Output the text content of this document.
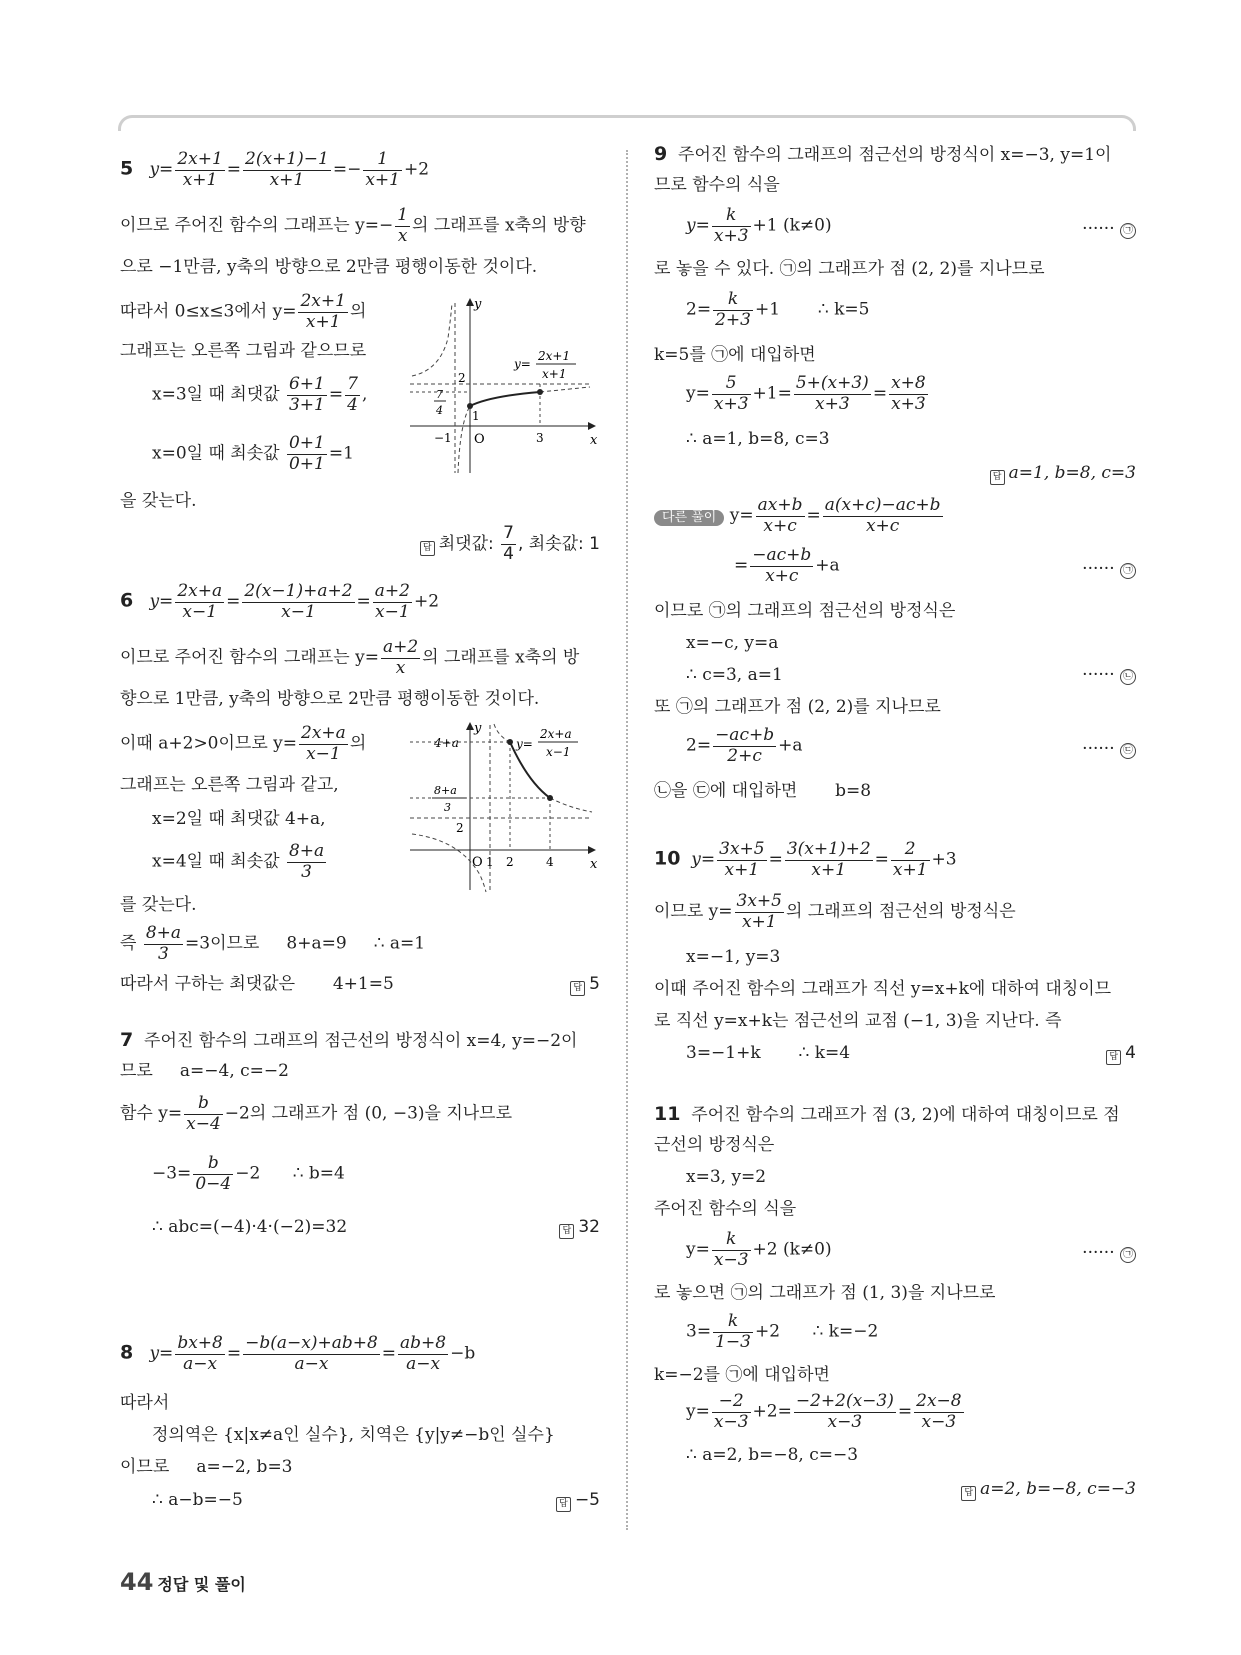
5 $y= \frac{2x+1}{x+1} = \frac{2(x+1)-1}{x+1} =- \frac{1}{x+1} +2$
이므로 주어진 함수의 그래프는 $y=- \frac{1}{x}$ 의 그래프를 x축의 방향
으로 −1만큼, y축의 방향으로 2만큼 평행이동한 것이다.
따라서 0≤x≤3에서 $y= \frac{2x+1}{x+1}$ 의
그래프는 오른쪽 그림과 같으므로
x=3일 때 최댓값 $\frac{6+1}{3+1} = \frac{7}{4}$ ,
x=0일 때 최솟값 $\frac{0+1}{0+1} =1$
을 갖는다.
답 최댓값: $\frac{7}{4}$ , 최솟값: 1
y
x
O
−1
1
2
3
7
4
y=
2x+1
x+1
6 $y= \frac{2x+a}{x-1} = \frac{2(x-1)+a+2}{x-1} = \frac{a+2}{x-1} +2$
이므로 주어진 함수의 그래프는 $y= \frac{a+2}{x}$ 의 그래프를 x축의 방
향으로 1만큼, y축의 방향으로 2만큼 평행이동한 것이다.
이때 a+2>0이므로 $y= \frac{2x+a}{x-1}$ 의
그래프는 오른쪽 그림과 같고,
x=2일 때 최댓값 4+a,
x=4일 때 최솟값 $\frac{8+a}{3}$
를 갖는다.
즉 $\frac{8+a}{3} =3$이므로     8+a=9 ∴ a=1
따라서 구하는 최댓값은 4+1=5	답 5
y
x
O 1 2	4
4+a
2
8+a
3
y=
2x+a
x−1
7 주어진 함수의 그래프의 점근선의 방정식이 x=4, y=−2이
므로 a=−4, c=−2
함수 $y= \frac{b}{x-4} -2$의 그래프가 점 (0, −3)을 지나므로
$-3= \frac{b}{0-4} -2$ ∴ b=4
∴ abc=(−4)·4·(−2)=32	답 32
8 $y= \frac{bx+8}{a-x} = \frac{-b(a-x)+ab+8}{a-x} = \frac{ab+8}{a-x} -b$
따라서
정의역은 {x|x≠a인 실수}, 치역은 {y|y≠−b인 실수}
이므로 a=−2, b=3
∴ a−b=−5	답 −5
9 주어진 함수의 그래프의 점근선의 방정식이 x=−3, y=1이
므로 함수의 식을
$y= \frac{k}{x+3} +1$ (k≠0)	······ ㉠
로 놓을 수 있다. ㉠의 그래프가 점 (2, 2)를 지나므로
$2= \frac{k}{2+3} +1$ ∴ k=5
k=5를 ㉠에 대입하면
$y= \frac{5}{x+3} +1= \frac{5+(x+3)}{x+3} = \frac{x+8}{x+3}$
∴ a=1, b=8, c=3
답 a=1, b=8, c=3
다른 풀이 $y= \frac{ax+b}{x+c} = \frac{a(x+c)-ac+b}{x+c}$
= $\frac{-ac+b}{x+c} +a$	······ ㉠
이므로 ㉠의 그래프의 점근선의 방정식은
x=−c, y=a
∴ c=3, a=1	······ ㉡
또 ㉠의 그래프가 점 (2, 2)를 지나므로
$2= \frac{-ac+b}{2+c} +a$	······ ㉢
㉡을 ㉢에 대입하면 b=8
10 $y= \frac{3x+5}{x+1} = \frac{3(x+1)+2}{x+1} = \frac{2}{x+1} +3$
이므로 $y= \frac{3x+5}{x+1}$ 의 그래프의 점근선의 방정식은
x=−1, y=3
이때 주어진 함수의 그래프가 직선 y=x+k에 대하여 대칭이므
로 직선 y=x+k는 점근선의 교점 (−1, 3)을 지난다. 즉
3=−1+k ∴ k=4	답 4
11 주어진 함수의 그래프가 점 (3, 2)에 대하여 대칭이므로 점
근선의 방정식은
x=3, y=2
주어진 함수의 식을
$y= \frac{k}{x-3} +2$ (k≠0)	······ ㉠
로 놓으면 ㉠의 그래프가 점 (1, 3)을 지나므로
$3= \frac{k}{1-3} +2$ ∴ k=−2
k=−2를 ㉠에 대입하면
$y= \frac{-2}{x-3} +2= \frac{-2+2(x-3)}{x-3} = \frac{2x-8}{x-3}$
∴ a=2, b=−8, c=−3
답 a=2, b=−8, c=−3
44 정답 및 풀이
